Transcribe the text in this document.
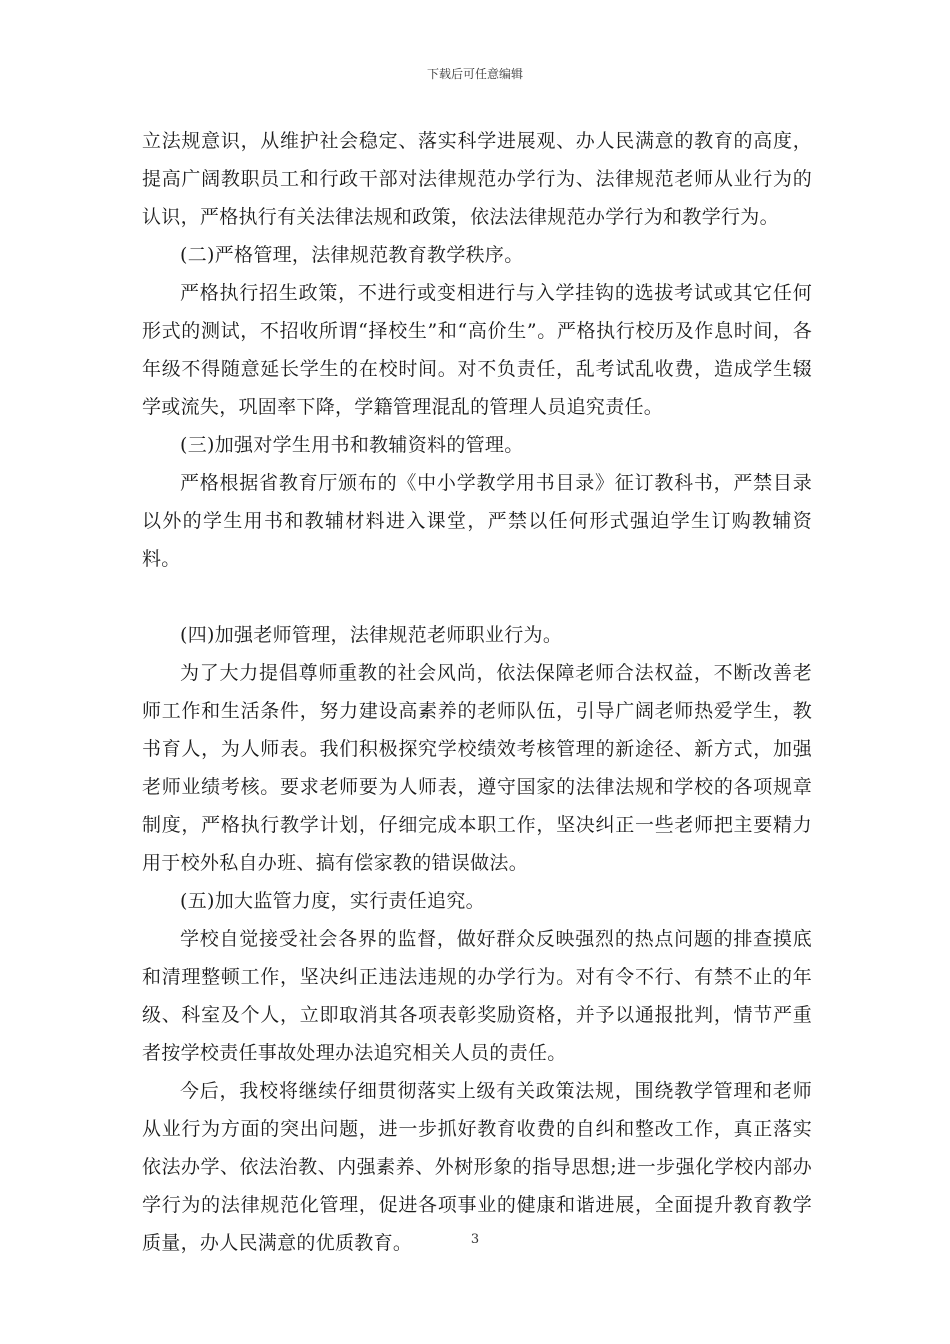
下载后可任意编辑

立法规意识，从维护社会稳定、落实科学进展观、办人民满意的教育的高度，提高广阔教职员工和行政干部对法律规范办学行为、法律规范老师从业行为的认识，严格执行有关法律法规和政策，依法法律规范办学行为和教学行为。

(二)严格管理，法律规范教育教学秩序。

严格执行招生政策，不进行或变相进行与入学挂钩的选拔考试或其它任何形式的测试，不招收所谓“择校生”和“高价生”。严格执行校历及作息时间，各年级不得随意延长学生的在校时间。对不负责任，乱考试乱收费，造成学生辍学或流失，巩固率下降，学籍管理混乱的管理人员追究责任。

(三)加强对学生用书和教辅资料的管理。

严格根据省教育厅颁布的《中小学教学用书目录》征订教科书，严禁目录以外的学生用书和教辅材料进入课堂，严禁以任何形式强迫学生订购教辅资料。

(四)加强老师管理，法律规范老师职业行为。

为了大力提倡尊师重教的社会风尚，依法保障老师合法权益，不断改善老师工作和生活条件，努力建设高素养的老师队伍，引导广阔老师热爱学生，教书育人，为人师表。我们积极探究学校绩效考核管理的新途径、新方式，加强老师业绩考核。要求老师要为人师表，遵守国家的法律法规和学校的各项规章制度，严格执行教学计划，仔细完成本职工作，坚决纠正一些老师把主要精力用于校外私自办班、搞有偿家教的错误做法。

(五)加大监管力度，实行责任追究。

学校自觉接受社会各界的监督，做好群众反映强烈的热点问题的排查摸底和清理整顿工作，坚决纠正违法违规的办学行为。对有令不行、有禁不止的年级、科室及个人，立即取消其各项表彰奖励资格，并予以通报批判，情节严重者按学校责任事故处理办法追究相关人员的责任。

今后，我校将继续仔细贯彻落实上级有关政策法规，围绕教学管理和老师从业行为方面的突出问题，进一步抓好教育收费的自纠和整改工作，真正落实依法办学、依法治教、内强素养、外树形象的指导思想;进一步强化学校内部办学行为的法律规范化管理，促进各项事业的健康和谐进展，全面提升教育教学质量，办人民满意的优质教育。	3
